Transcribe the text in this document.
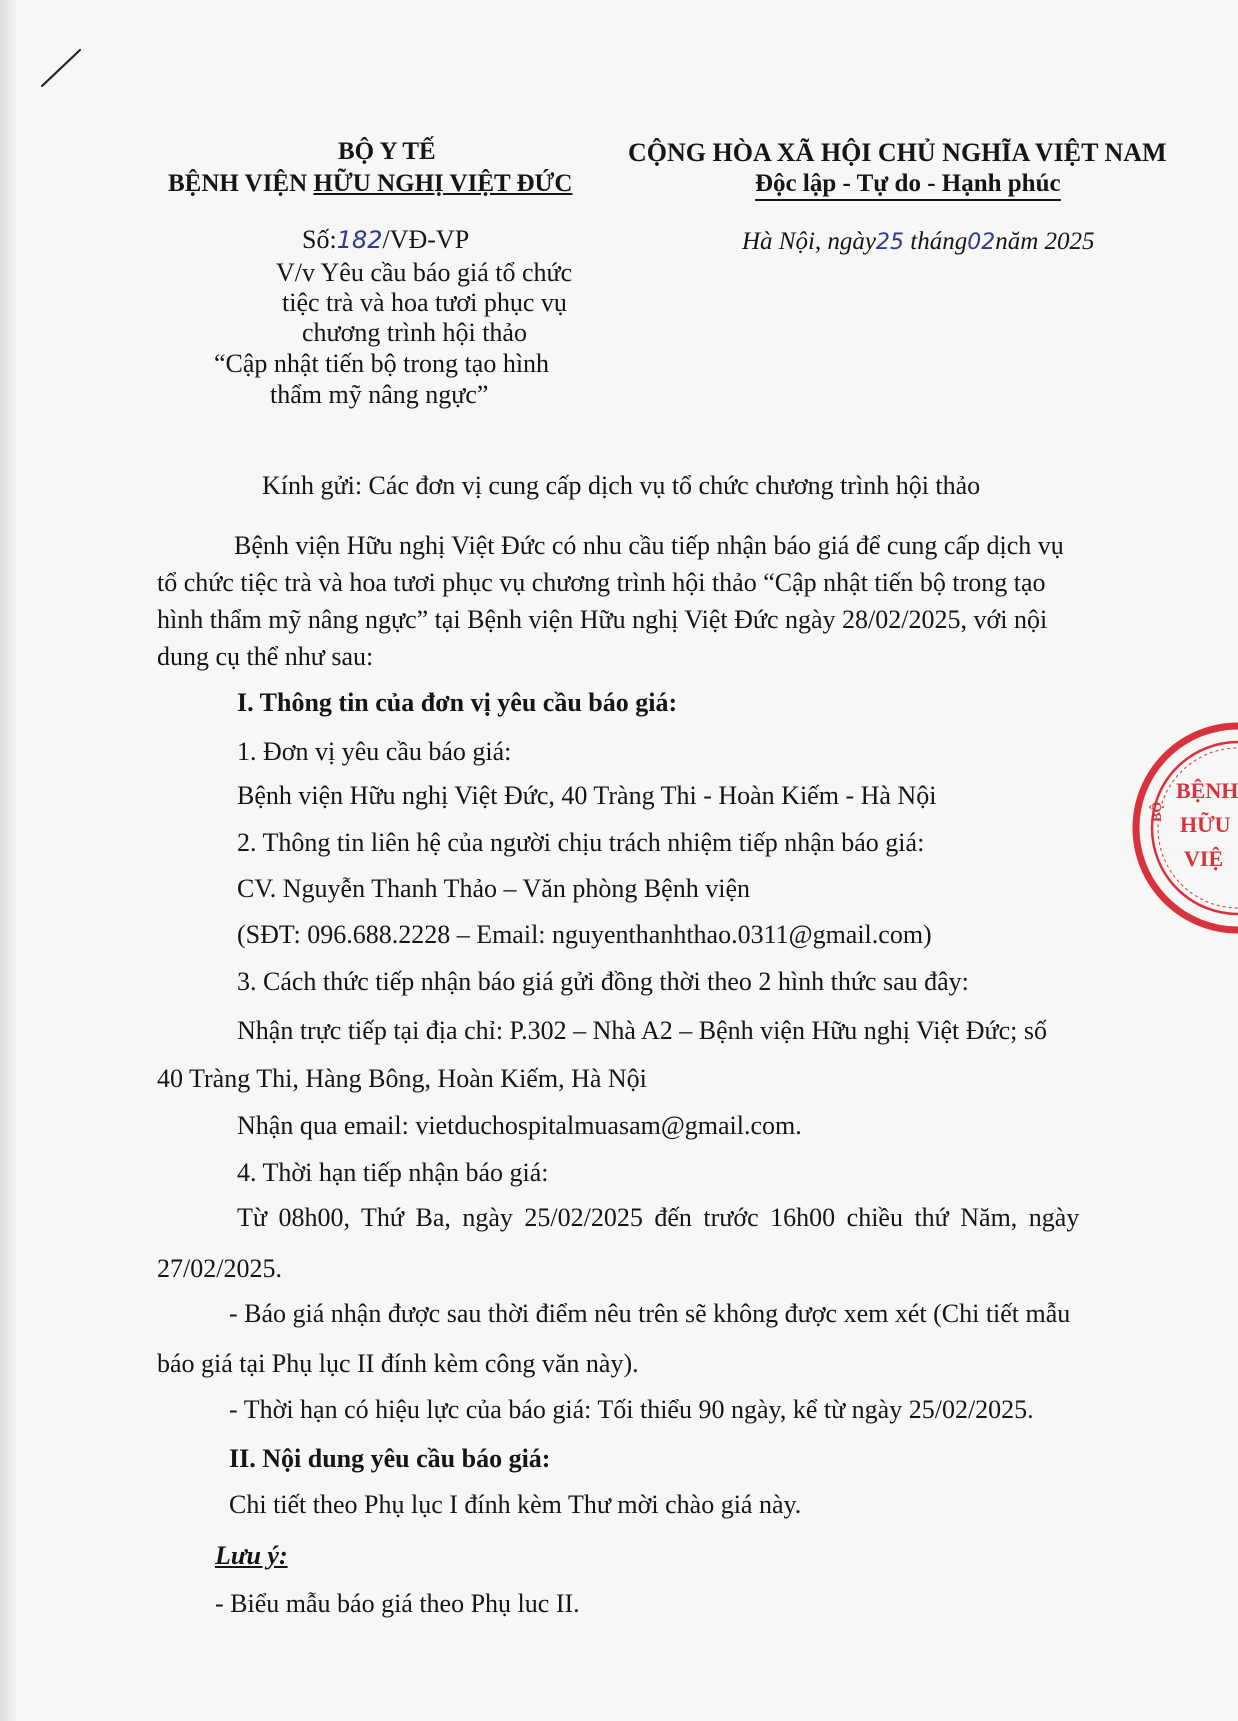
BỘ Y TẾ
BỆNH VIỆN HỮU NGHỊ VIỆT ĐỨC
CỘNG HÒA XÃ HỘI CHỦ NGHĨA VIỆT NAM
Độc lập - Tự do - Hạnh phúc
Số:182/VĐ-VP	Hà Nội, ngày25 tháng02năm 2025
V/v Yêu cầu báo giá tổ chức
tiệc trà và hoa tươi phục vụ
chương trình hội thảo
“Cập nhật tiến bộ trong tạo hình
thẩm mỹ nâng ngực”
Kính gửi: Các đơn vị cung cấp dịch vụ tổ chức chương trình hội thảo
Bệnh viện Hữu nghị Việt Đức có nhu cầu tiếp nhận báo giá để cung cấp dịch vụ
tổ chức tiệc trà và hoa tươi phục vụ chương trình hội thảo “Cập nhật tiến bộ trong tạo
hình thẩm mỹ nâng ngực” tại Bệnh viện Hữu nghị Việt Đức ngày 28/02/2025, với nội
dung cụ thể như sau:
I. Thông tin của đơn vị yêu cầu báo giá:
1. Đơn vị yêu cầu báo giá:
Bệnh viện Hữu nghị Việt Đức, 40 Tràng Thi - Hoàn Kiếm - Hà Nội
2. Thông tin liên hệ của người chịu trách nhiệm tiếp nhận báo giá:
CV. Nguyễn Thanh Thảo – Văn phòng Bệnh viện
(SĐT: 096.688.2228 – Email: nguyenthanhthao.0311@gmail.com)
3. Cách thức tiếp nhận báo giá gửi đồng thời theo 2 hình thức sau đây:
Nhận trực tiếp tại địa chỉ: P.302 – Nhà A2 – Bệnh viện Hữu nghị Việt Đức; số
40 Tràng Thi, Hàng Bông, Hoàn Kiếm, Hà Nội
Nhận qua email: vietduchospitalmuasam@gmail.com.
4. Thời hạn tiếp nhận báo giá:
Từ 08h00, Thứ Ba, ngày 25/02/2025 đến trước 16h00 chiều thứ Năm, ngày
27/02/2025.
- Báo giá nhận được sau thời điểm nêu trên sẽ không được xem xét (Chi tiết mẫu
báo giá tại Phụ lục II đính kèm công văn này).
- Thời hạn có hiệu lực của báo giá: Tối thiểu 90 ngày, kể từ ngày 25/02/2025.
II. Nội dung yêu cầu báo giá:
Chi tiết theo Phụ lục I đính kèm Thư mời chào giá này.
Lưu ý:
- Biểu mẫu báo giá theo Phụ luc II.
BỆNH
HỮU
VIỆ
BỘ
